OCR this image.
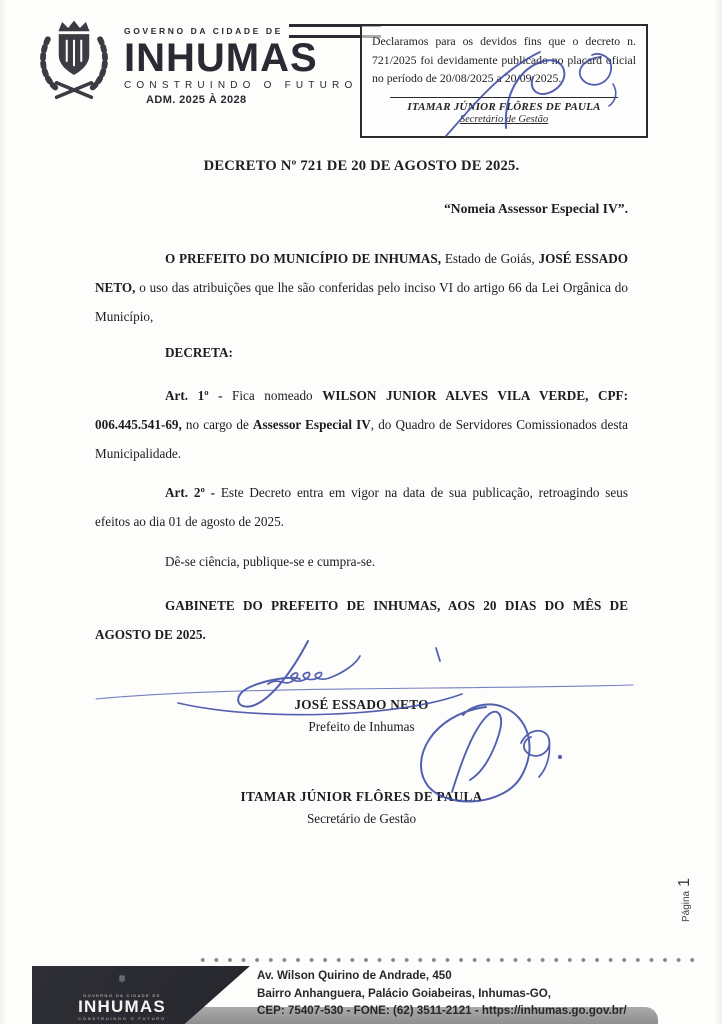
GOVERNO DA CIDADE DE
INHUMAS
CONSTRUINDO O FUTURO
ADM. 2025 À 2028

Declaramos para os devidos fins que o decreto n. 721/2025 foi devidamente publicado no placard oficial no período de 20/08/2025 a 20/09/2025.

ITAMAR JÚNIOR FLÔRES DE PAULA
Secretário de Gestão
DECRETO Nº 721 DE 20 DE AGOSTO DE 2025.

“Nomeia Assessor Especial IV”.

O PREFEITO DO MUNICÍPIO DE INHUMAS, Estado de Goiás, JOSÉ ESSADO NETO, o uso das atribuições que lhe são conferidas pelo inciso VI do artigo 66 da Lei Orgânica do Município,

DECRETA:

Art. 1º - Fica nomeado WILSON JUNIOR ALVES VILA VERDE, CPF: 006.445.541-69, no cargo de Assessor Especial IV, do Quadro de Servidores Comissionados desta Municipalidade.

Art. 2º - Este Decreto entra em vigor na data de sua publicação, retroagindo seus efeitos ao dia 01 de agosto de 2025.

Dê-se ciência, publique-se e cumpra-se.

GABINETE DO PREFEITO DE INHUMAS, AOS 20 DIAS DO MÊS DE AGOSTO DE 2025.

JOSÉ ESSADO NETO
Prefeito de Inhumas
ITAMAR JÚNIOR FLÔRES DE PAULA
Secretário de Gestão
Página
1
GOVERNO DA CIDADE DE
INHUMAS
CONSTRUINDO O FUTURO
Av. Wilson Quirino de Andrade, 450
Bairro Anhanguera, Palácio Goiabeiras, Inhumas-GO,
CEP: 75407-530 - FONE: (62) 3511-2121 - https://inhumas.go.gov.br/
